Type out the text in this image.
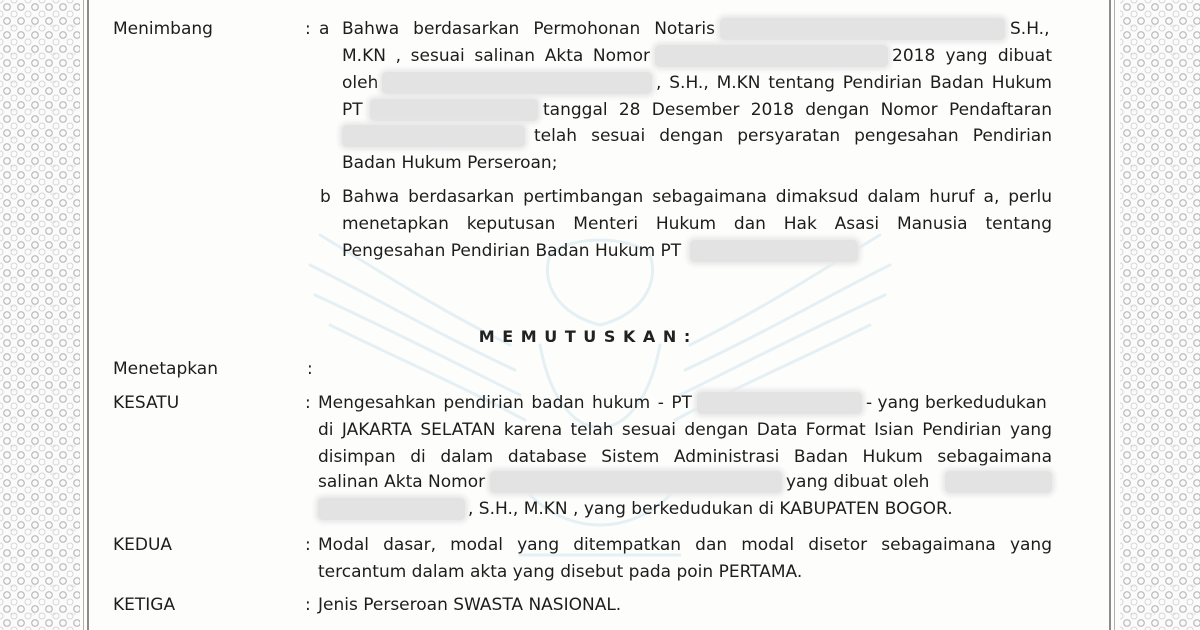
Menimbang	: a Bahwa berdasarkan Permohonan Notaris	S.H.,
M.KN , sesuai salinan Akta Nomor	2018 yang dibuat
oleh	, S.H., M.KN tentang Pendirian Badan Hukum
PT	tanggal 28 Desember 2018 dengan Nomor Pendaftaran
telah sesuai dengan persyaratan pengesahan Pendirian
Badan Hukum Perseroan;
b Bahwa berdasarkan pertimbangan sebagaimana dimaksud dalam huruf a, perlu
menetapkan keputusan Menteri Hukum dan Hak Asasi Manusia tentang
Pengesahan Pendirian Badan Hukum PT
M E M U T U S K A N :
Menetapkan	:
KESATU	: Mengesahkan pendirian badan hukum - PT	- yang berkedudukan
di JAKARTA SELATAN karena telah sesuai dengan Data Format Isian Pendirian yang
disimpan di dalam database Sistem Administrasi Badan Hukum sebagaimana
salinan Akta Nomor	yang dibuat oleh
, S.H., M.KN , yang berkedudukan di KABUPATEN BOGOR.
KEDUA	: Modal dasar, modal yang ditempatkan dan modal disetor sebagaimana yang
tercantum dalam akta yang disebut pada poin PERTAMA.
KETIGA	: Jenis Perseroan SWASTA NASIONAL.
